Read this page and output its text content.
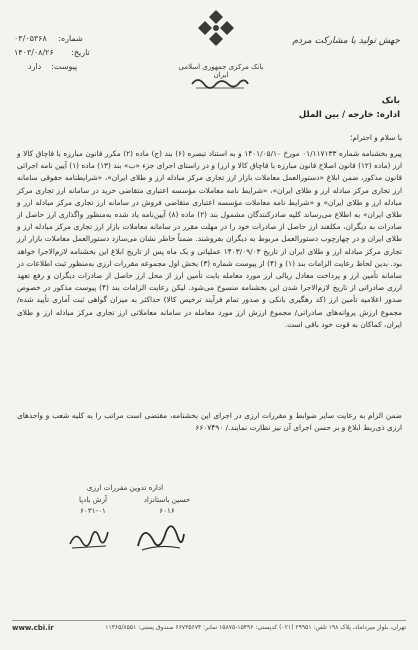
۰۳/۰۵۳۶۸	شماره:
۱۴۰۳/۰۸/۲۶	تاریخ:
دارد پیوست:	بانک مرکزی جمهوری اسلامی ایران
جهش تولید با مشارکت مردم
بانک
اداره: خارجه / بین الملل
با سلام و احترام؛
پیرو بخشنامه شماره ۰۱/۱۱۷۱۳۳ مورخ ۱۴۰۱/۰۵/۱۰ و به استناد تبصره (۶) بند (ج) ماده (۲) مکرر قانون مبارزه با قاچاق کالا و ارز (ماده (۱۲) قانون اصلاح قانون مبارزه با قاچاق کالا و ارز) و در راستای اجرای جزء «ب» بند (۱۳) ماده (۱) آیین نامه اجرائی قانون مذکور، ضمن ابلاغ «دستورالعمل معاملات بازار ارز تجاری مرکز مبادله ارز و طلای ایران»، «شرایطنامه حقوقی سامانه ارز تجاری مرکز مبادله ارز و طلای ایران»، «شرایط نامه معاملات مؤسسه اعتباری متقاضی خرید در سامانه ارز تجاری مرکز مبادله ارز و طلای ایران» و «شرایط نامه معاملات مؤسسه اعتباری متقاضی فروش در سامانه ارز تجاری مرکز مبادله ارز و طلای ایران» به اطلاع می‌رساند کلیه صادرکنندگان مشمول بند (۲) ماده (۸) آیین‌نامه یاد شده به‌منظور واگذاری ارز حاصل از صادرات به دیگران، مکلفند ارز حاصل از صادرات خود را در مهلت مقرر در سامانه معاملات بازار ارز تجاری مرکز مبادله ارز و طلای ایران و در چهارچوب دستورالعمل مربوط به دیگران بفروشند. ضمناً خاطر نشان می‌سازد دستورالعمل معاملات بازار ارز تجاری مرکز مبادله ارز و طلای ایران از تاریخ ۱۴۰۳/۰۹/۰۳ عملیاتی و یک ماه پس از تاریخ ابلاغ این بخشنامه لازم‌الاجرا خواهد بود. بدین لحاظ رعایت الزامات بند (۱) و (۴) از پیوست شماره (۳) بخش اول مجموعه مقررات ارزی به‌منظور ثبت اطلاعات در سامانه تأمین ارز و پرداخت معادل ریالی ارز مورد معامله بابت تأمین ارز از محل ارز حاصل از صادرات دیگران و رفع تعهد ارزی صادراتی از تاریخ لازم‌الاجرا شدن این بخشنامه منسوخ می‌شود. لیکن رعایت الزامات بند (۴) پیوست مذکور در خصوص صدور اعلامیه تأمین ارز (کد رهگیری بانکی و صدور تمام فرآیند ترخیص کالا) حداکثر به میزان گواهی ثبت آماری تأیید شده/ مجموع ارزش پروانه‌های صادراتی/ مجموع ارزش ارز مورد معامله در سامانه معاملاتی ارز تجاری مرکز مبادله ارز و طلای ایران، کماکان به قوت خود باقی است.
ضمن الزام به رعایت سایر ضوابط و مقررات ارزی در اجرای این بخشنامه، مقتضی است مراتب را به کلیه شعب و واحدهای ارزی ذی‌ربط ابلاغ و بر حسن اجرای آن نیز نظارت نمایند./ ۶۶۰۷۴۹۰
اداره تدوین مقررات ارزی
آرش بادپا
۶۰۳۱-۰۱
حسین باستانزاد
۶۰۱۶
تهران، بلوار میرداماد، پلاک ۱۹۸ تلفن: ۲۹۹۵۱ (۰۲۱) کدپستی: ۱۵۴۹۶-۱۵۸۷۵ نمابر: ۶۶۷۳۵۶۷۴ صندوق پستی: ۱۱۳۶۵/۸۵۵۱
www.cbi.ir
